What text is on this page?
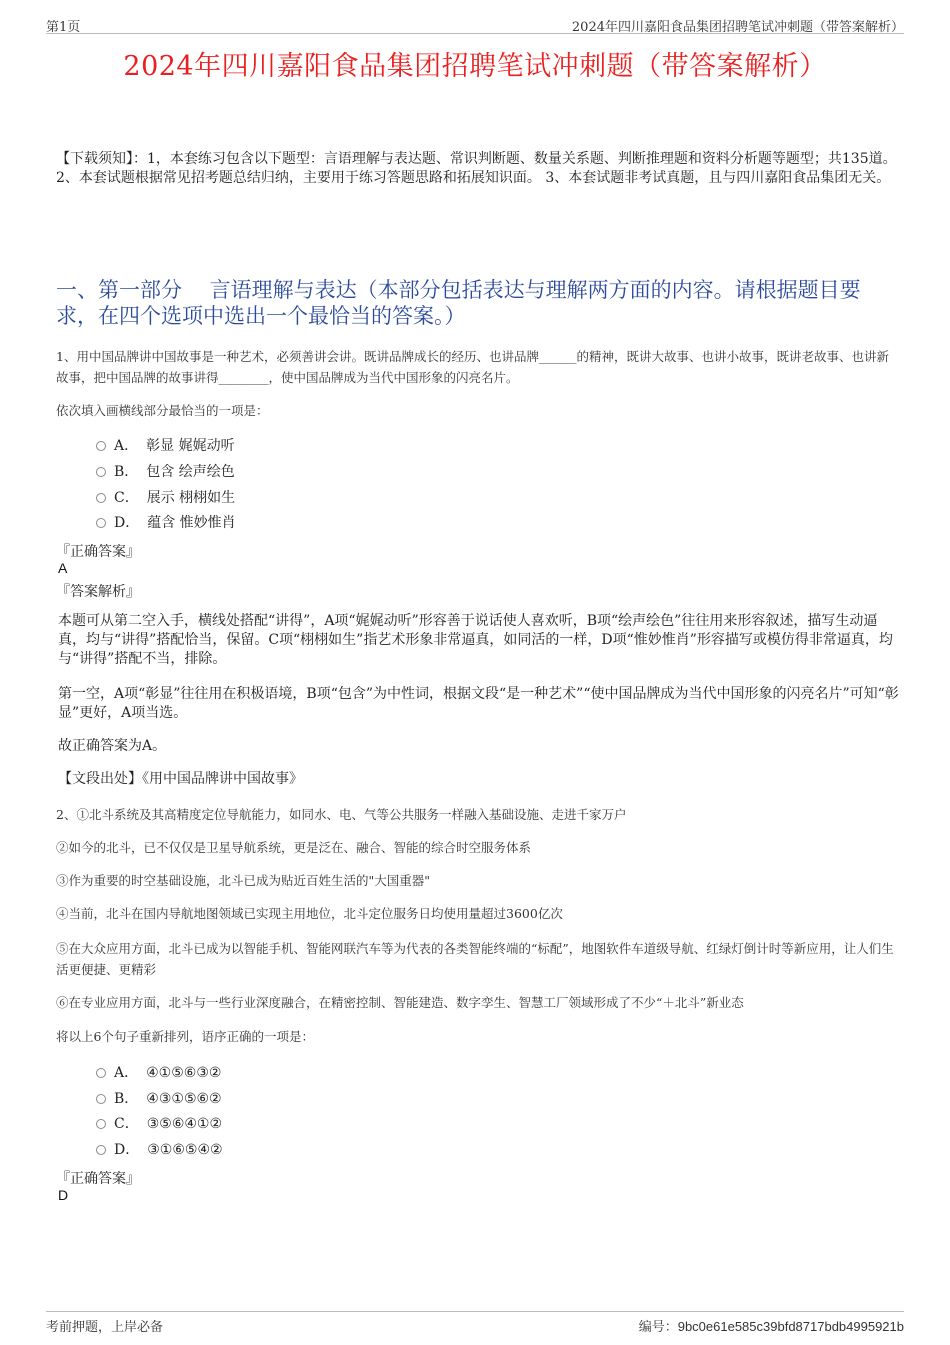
第1页	2024年四川嘉阳食品集团招聘笔试冲刺题（带答案解析）
2024年四川嘉阳食品集团招聘笔试冲刺题（带答案解析）
【下载须知】：1，本套练习包含以下题型：言语理解与表达题、常识判断题、数量关系题、判断推理题和资料分析题等题型；共135道。 2、本套试题根据常见招考题总结归纳，主要用于练习答题思路和拓展知识面。 3、本套试题非考试真题，且与四川嘉阳食品集团无关。
一、第一部分　 言语理解与表达（本部分包括表达与理解两方面的内容。请根据题目要求，在四个选项中选出一个最恰当的答案。）
1、用中国品牌讲中国故事是一种艺术，必须善讲会讲。既讲品牌成长的经历、也讲品牌______的精神，既讲大故事、也讲小故事，既讲老故事、也讲新故事，把中国品牌的故事讲得________，使中国品牌成为当代中国形象的闪亮名片。
依次填入画横线部分最恰当的一项是：
A． 彰显 娓娓动听
B． 包含 绘声绘色
C． 展示 栩栩如生
D． 蕴含 惟妙惟肖
『正确答案』
A
『答案解析』
本题可从第二空入手，横线处搭配“讲得”，A项“娓娓动听”形容善于说话使人喜欢听，B项“绘声绘色”往往用来形容叙述，描写生动逼真，均与“讲得”搭配恰当，保留。C项“栩栩如生”指艺术形象非常逼真，如同活的一样，D项“惟妙惟肖”形容描写或模仿得非常逼真，均与“讲得”搭配不当，排除。
第一空，A项“彰显”往往用在积极语境，B项“包含”为中性词，根据文段“是一种艺术”“使中国品牌成为当代中国形象的闪亮名片”可知“彰显”更好，A项当选。
故正确答案为A。
【文段出处】《用中国品牌讲中国故事》
2、①北斗系统及其高精度定位导航能力，如同水、电、气等公共服务一样融入基础设施、走进千家万户
②如今的北斗，已不仅仅是卫星导航系统，更是泛在、融合、智能的综合时空服务体系
③作为重要的时空基础设施，北斗已成为贴近百姓生活的"大国重器"
④当前，北斗在国内导航地图领域已实现主用地位，北斗定位服务日均使用量超过3600亿次
⑤在大众应用方面，北斗已成为以智能手机、智能网联汽车等为代表的各类智能终端的“标配”，地图软件车道级导航、红绿灯倒计时等新应用，让人们生活更便捷、更精彩
⑥在专业应用方面，北斗与一些行业深度融合，在精密控制、智能建造、数字孪生、智慧工厂领域形成了不少“＋北斗”新业态
将以上6个句子重新排列，语序正确的一项是：
A． ④①⑤⑥③②
B． ④③①⑤⑥②
C． ③⑤⑥④①②
D． ③①⑥⑤④②
『正确答案』
D
考前押题，上岸必备	编号：9bc0e61e585c39bfd8717bdb4995921b
